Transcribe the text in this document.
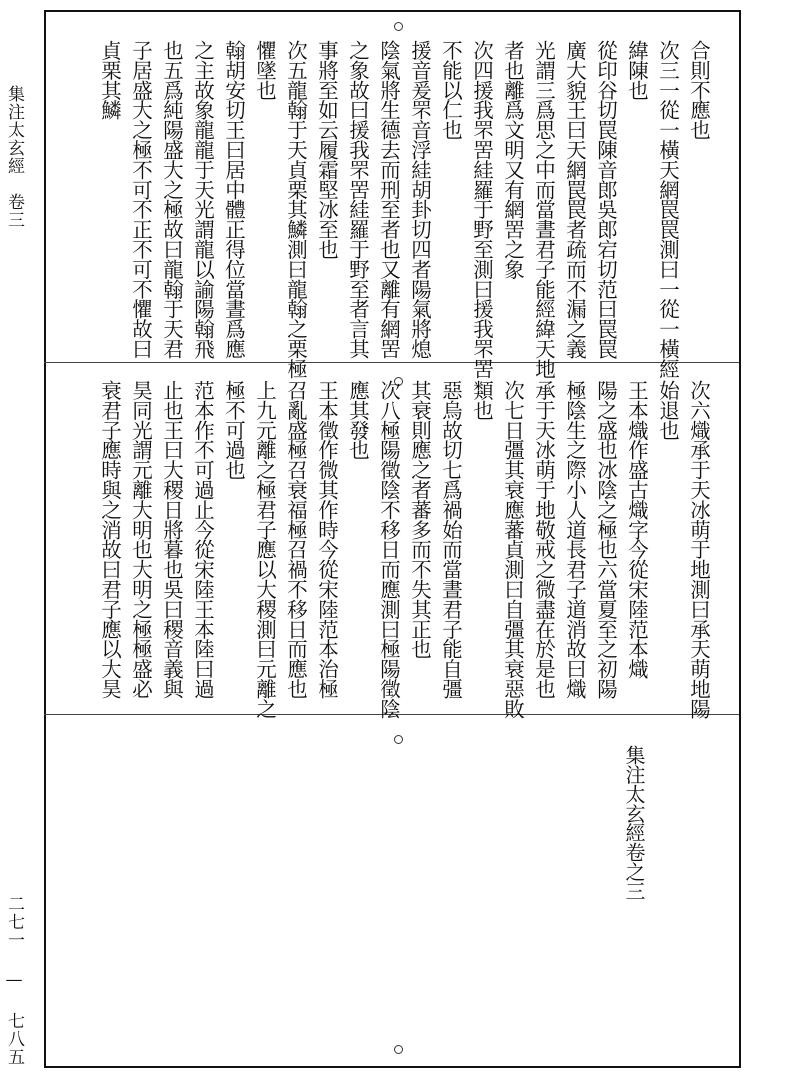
集注太玄經　卷三
二七一 — 七八五
合則不應也
次三一從一橫天網罠罠測曰一從一橫經
緯陳也
從印谷切罠陳音郎吳郎宕切范曰罠罠
廣大貌王曰天網罠罠者疏而不漏之義
光謂三爲思之中而當晝君子能經緯天地
者也離爲文明又有網罟之象
次四援我罘罟絓羅于野至測曰援我罘罟
不能以仁也
援音爰罘音浮絓胡卦切四者陽氣將熄
陰氣將生德去而刑至者也又離有網罟
之象故曰援我罘罟絓羅于野至者言其
事將至如云履霜堅冰至也
次五龍翰于天貞栗其鱗測曰龍翰之栗極
懼墜也
翰胡安切王曰居中體正得位當晝爲應
之主故象龍龍于天光謂龍以諭陽翰飛
也五爲純陽盛大之極故曰龍翰于天君
子居盛大之極不可不正不可不懼故曰
貞栗其鱗
次六熾承于天冰萌于地測曰承天萌地陽
始退也
王本熾作盛古熾字今從宋陸范本熾
陽之盛也冰陰之極也六當夏至之初陽
極陰生之際小人道長君子道消故曰熾
承于天冰萌于地敬戒之微盡在於是也
次七日彊其衰應蕃貞測曰自彊其衰惡敗
類也
惡烏故切七爲禍始而當晝君子能自彊
其衰則應之者蕃多而不失其正也
次八極陽徵陰不移日而應測曰極陽徵陰
應其發也
王本徵作微其作時今從宋陸范本治極
召亂盛極召衰福極召禍不移日而應也
上九元離之極君子應以大稷測曰元離之
極不可過也
范本作不可過止今從宋陸王本陸曰過
止也王曰大稷日將暮也吳曰稷音義與
昊同光謂元離大明也大明之極極盛必
衰君子應時與之消故曰君子應以大昊
集注太玄經卷之三
